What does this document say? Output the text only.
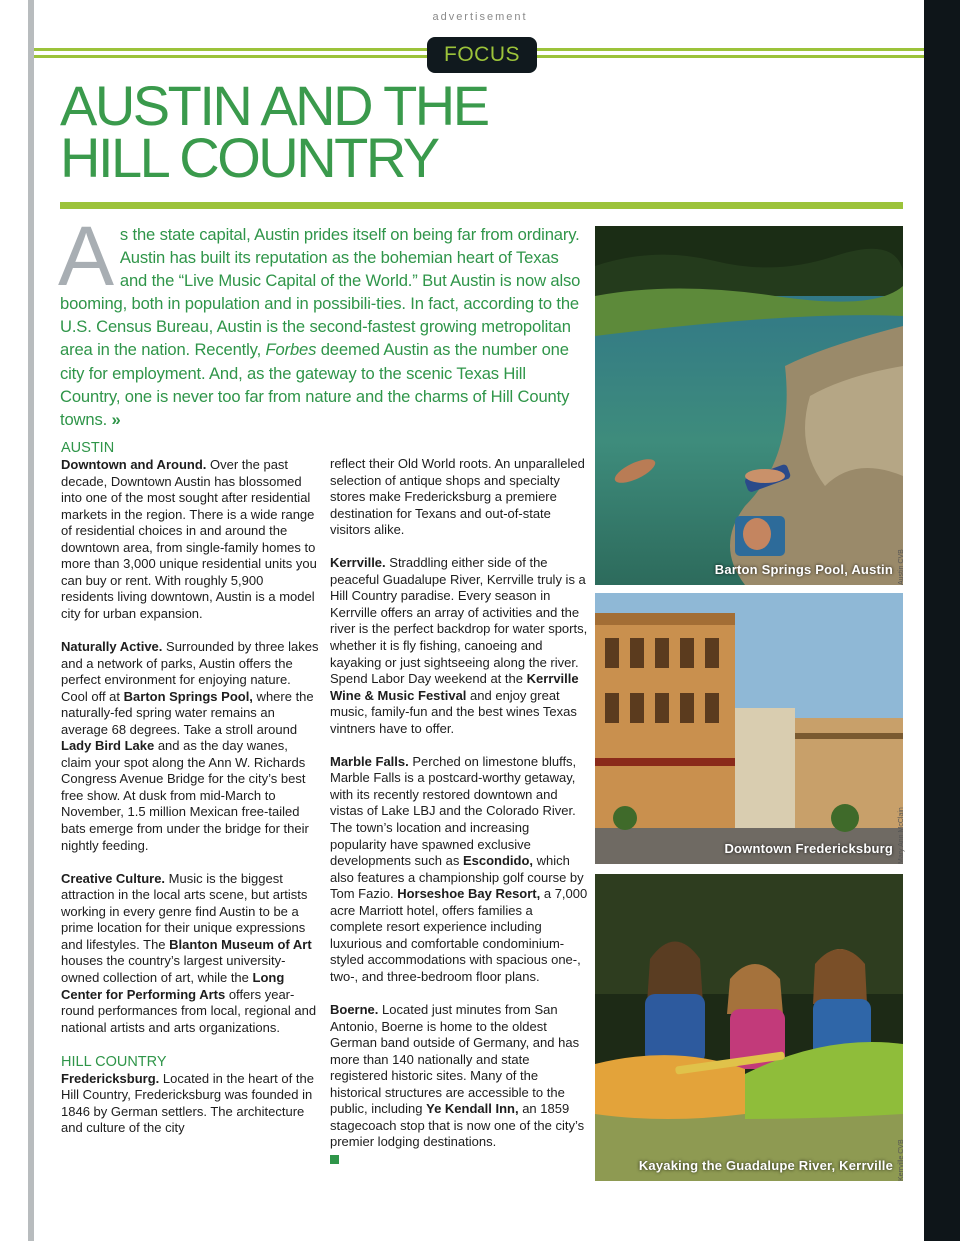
advertisement
FOCUS
AUSTIN AND THE
HILL COUNTRY
As the state capital, Austin prides itself on being far from ordinary. Austin has built its reputation as the bohemian heart of Texas and the “Live Music Capital of the World.” But Austin is now also booming, both in population and in possibili-ties. In fact, according to the U.S. Census Bureau, Austin is the second-fastest growing metropolitan area in the nation. Recently, Forbes deemed Austin as the number one city for employment. And, as the gateway to the scenic Texas Hill Country, one is never too far from nature and the charms of Hill County towns. »
AUSTIN

Downtown and Around. Over the past decade, Downtown Austin has blossomed into one of the most sought after residential markets in the region. There is a wide range of residential choices in and around the downtown area, from single-family homes to more than 3,000 unique residential units you can buy or rent. With roughly 5,900 residents living downtown, Austin is a model city for urban expansion.

Naturally Active. Surrounded by three lakes and a network of parks, Austin offers the perfect environment for enjoying nature. Cool off at Barton Springs Pool, where the naturally-fed spring water remains an average 68 degrees. Take a stroll around Lady Bird Lake and as the day wanes, claim your spot along the Ann W. Richards Congress Avenue Bridge for the city’s best free show. At dusk from mid-March to November, 1.5 million Mexican free-tailed bats emerge from under the bridge for their nightly feeding.

Creative Culture. Music is the biggest attraction in the local arts scene, but artists working in every genre find Austin to be a prime location for their unique expressions and lifestyles. The Blanton Museum of Art houses the country’s largest university-owned collection of art, while the Long Center for Performing Arts offers year-round performances from local, regional and national artists and arts organizations.

HILL COUNTRY

Fredericksburg. Located in the heart of the Hill Country, Fredericksburg was founded in 1846 by German settlers. The architecture and culture of the city

reflect their Old World roots. An unparalleled selection of antique shops and specialty stores make Fredericksburg a premiere destination for Texans and out-of-state visitors alike.

Kerrville. Straddling either side of the peaceful Guadalupe River, Kerrville truly is a Hill Country paradise. Every season in Kerrville offers an array of activities and the river is the perfect backdrop for water sports, whether it is fly fishing, canoeing and kayaking or just sightseeing along the river. Spend Labor Day weekend at the Kerrville Wine & Music Festival and enjoy great music, family-fun and the best wines Texas vintners have to offer.

Marble Falls. Perched on limestone bluffs, Marble Falls is a postcard-worthy getaway, with its recently restored downtown and vistas of Lake LBJ and the Colorado River. The town’s location and increasing popularity have spawned exclusive developments such as Escondido, which also features a championship golf course by Tom Fazio. Horseshoe Bay Resort, a 7,000 acre Marriott hotel, offers families a complete resort experience including luxurious and comfortable condominium-styled accommodations with spacious one-, two-, and three-bedroom floor plans.

Boerne. Located just minutes from San Antonio, Boerne is home to the oldest German band outside of Germany, and has more than 140 nationally and state registered historic sites. Many of the historical structures are accessible to the public, including Ye Kendall Inn, an 1859 stagecoach stop that is now one of the city’s premier lodging destinations.

Barton Springs Pool, Austin Austin CVB
Downtown Fredericksburg Mary Ann McClain
Kayaking the Guadalupe River, Kerrville Kerrville CVB
